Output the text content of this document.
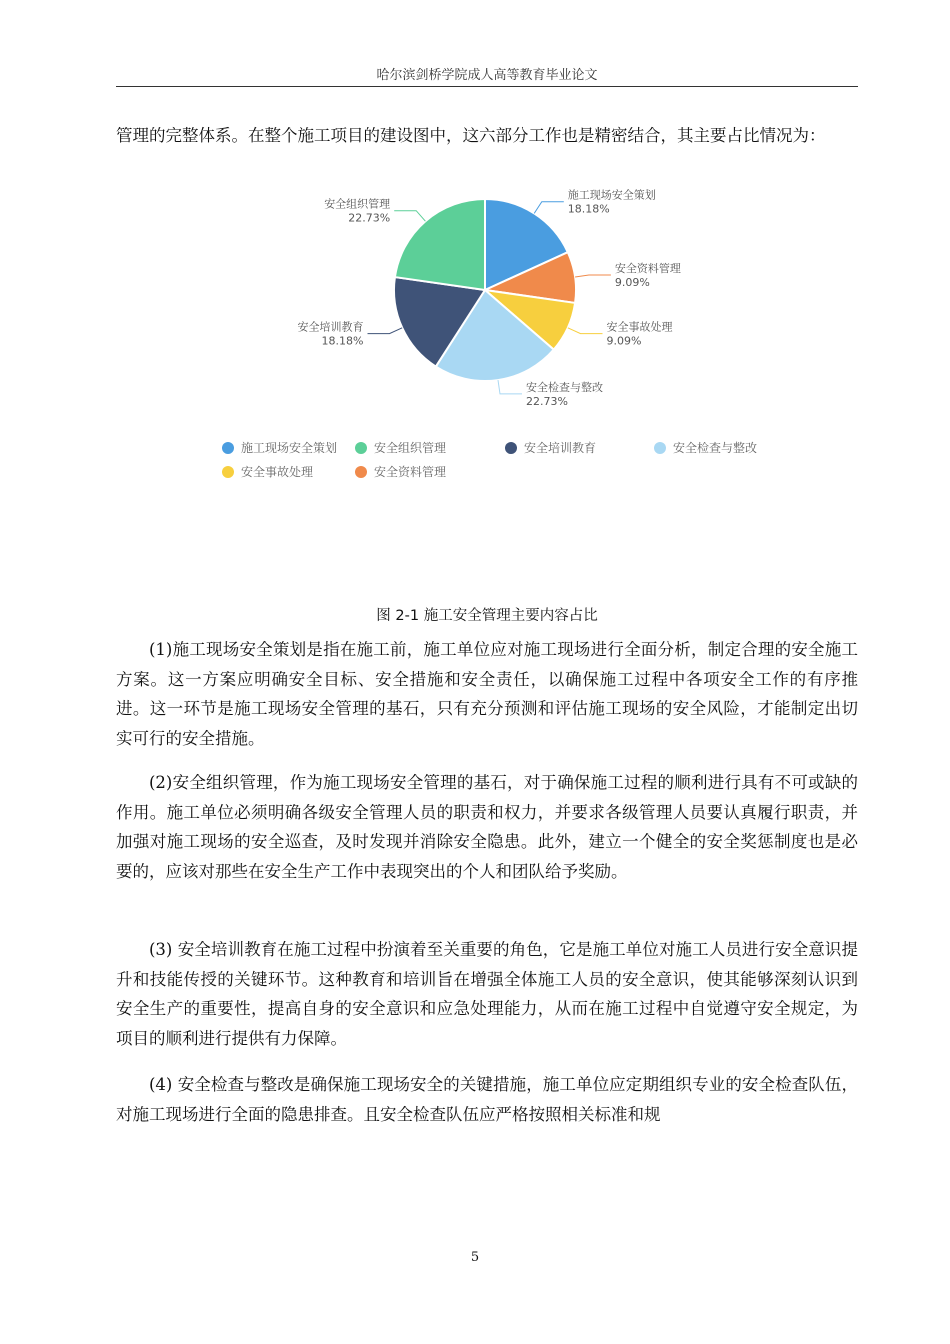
哈尔滨剑桥学院成人高等教育毕业论文

管理的完整体系。在整个施工项目的建设图中，这六部分工作也是精密结合，其主要占比情况为：

施工现场安全策划
18.18%
安全资料管理
9.09%
安全事故处理
9.09%
安全检查与整改
22.73%
安全培训教育
18.18%
安全组织管理
22.73%
施工现场安全策划	安全组织管理	安全培训教育	安全检查与整改
安全事故处理	安全资料管理
图 2-1 施工安全管理主要内容占比

(1)施工现场安全策划是指在施工前，施工单位应对施工现场进行全面分析，制定合理的安全施工方案。这一方案应明确安全目标、安全措施和安全责任，以确保施工过程中各项安全工作的有序推进。这一环节是施工现场安全管理的基石，只有充分预测和评估施工现场的安全风险，才能制定出切实可行的安全措施。

(2)安全组织管理，作为施工现场安全管理的基石，对于确保施工过程的顺利进行具有不可或缺的作用。施工单位必须明确各级安全管理人员的职责和权力，并要求各级管理人员要认真履行职责，并加强对施工现场的安全巡查，及时发现并消除安全隐患。此外，建立一个健全的安全奖惩制度也是必要的，应该对那些在安全生产工作中表现突出的个人和团队给予奖励。

(3) 安全培训教育在施工过程中扮演着至关重要的角色，它是施工单位对施工人员进行安全意识提升和技能传授的关键环节。这种教育和培训旨在增强全体施工人员的安全意识，使其能够深刻认识到安全生产的重要性，提高自身的安全意识和应急处理能力，从而在施工过程中自觉遵守安全规定，为项目的顺利进行提供有力保障。

(4) 安全检查与整改是确保施工现场安全的关键措施，施工单位应定期组织专业的安全检查队伍，对施工现场进行全面的隐患排查。且安全检查队伍应严格按照相关标准和规

5
